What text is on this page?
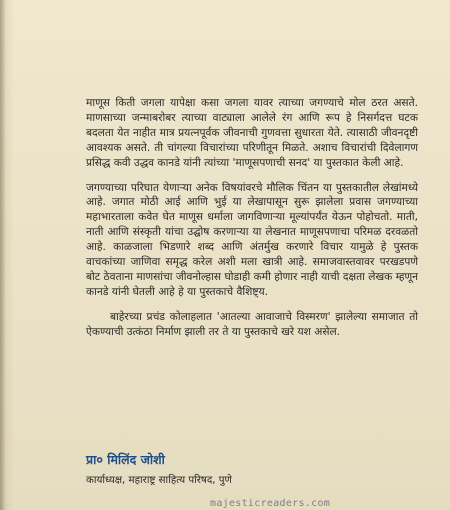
माणूस किती जगला यापेक्षा कसा जगला यावर त्याच्या जगण्याचे मोल ठरत असते. माणसाच्या जन्माबरोबर त्याच्या वाट्याला आलेले रंग आणि रूप हे निसर्गदत्त घटक बदलता येत नाहीत मात्र प्रयत्नपूर्वक जीवनाची गुणवत्ता सुधारता येते. त्यासाठी जीवनदृष्टी आवश्यक असते. ती चांगल्या विचारांच्या परिणीतून मिळते. अशाच विचारांची दिवेलागण प्रसिद्ध कवी उद्धव कानडे यांनी त्यांच्या 'माणूसपणाची सनद' या पुस्तकात केली आहे.

जगण्याच्या परिघात येणाऱ्या अनेक विषयांवरचे मौलिक चिंतन या पुस्तकातील लेखांमध्ये आहे. जगात मोठी आई आणि भुई या लेखापासून सुरू झालेला प्रवास जगण्याच्या महाभारताला कवेत घेत माणूस धर्माला जागविणाऱ्या मूल्यांपर्यंत येऊन पोहोचतो. माती, नाती आणि संस्कृती यांचा उद्घोष करणाऱ्या या लेखनात माणूसपणाचा परिमळ दरवळतो आहे. काळजाला भिडणारे शब्द आणि अंतर्मुख करणारे विचार यामुळे हे पुस्तक वाचकांच्या जाणिवा समृद्ध करेल अशी मला खात्री आहे. समाजवास्तवावर परखडपणे बोट ठेवताना माणसांचा जीवनोल्हास घोडाही कमी होणार नाही याची दक्षता लेखक म्हणून कानडे यांनी घेतली आहे हे या पुस्तकाचे वैशिष्ट्य.

बाहेरच्या प्रचंड कोलाहलात 'आतल्या आवाजाचे विस्मरण' झालेल्या समाजात तो ऐकण्याची उत्कंठा निर्माण झाली तर ते या पुस्तकाचे खरे यश असेल.

प्रा० मिलिंद जोशी

कार्याध्यक्ष, महाराष्ट्र साहित्य परिषद, पुणे

majesticreaders.com
